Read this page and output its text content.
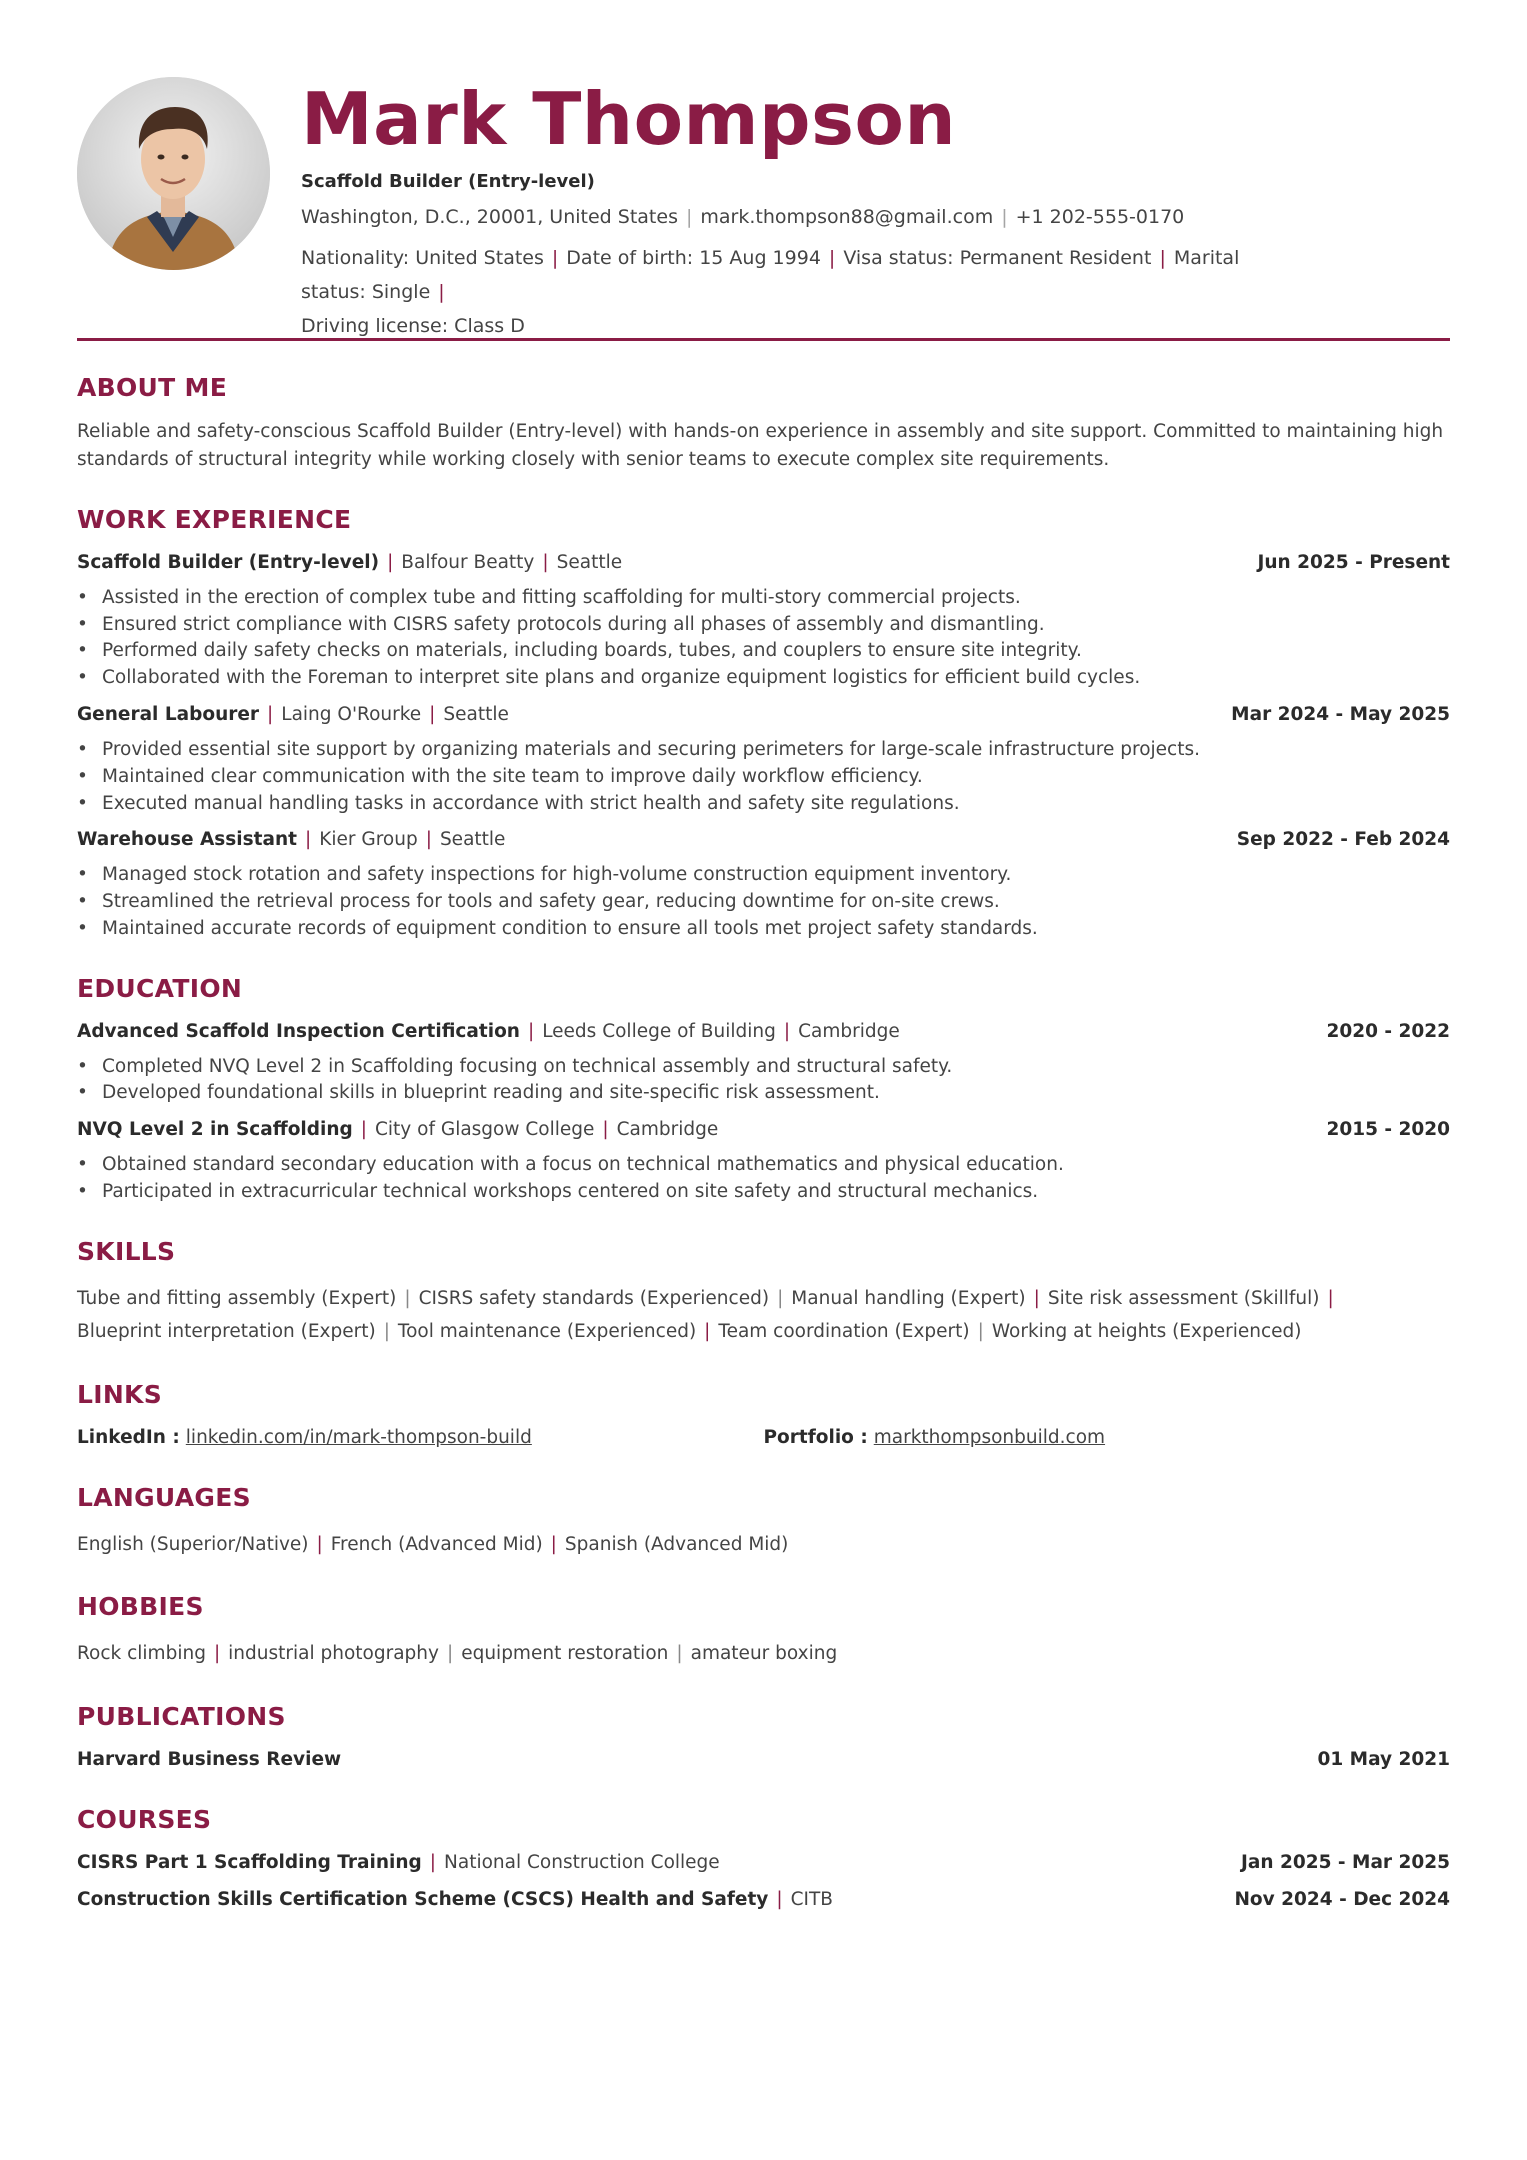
Mark Thompson
Scaffold Builder (Entry-level)
Washington, D.C., 20001, United States | mark.thompson88@gmail.com | +1 202-555-0170
Nationality: United States | Date of birth: 15 Aug 1994 | Visa status: Permanent Resident | Marital status: Single |
Driving license: Class D
ABOUT ME
Reliable and safety-conscious Scaffold Builder (Entry-level) with hands-on experience in assembly and site support. Committed to maintaining high standards of structural integrity while working closely with senior teams to execute complex site requirements.
WORK EXPERIENCE
Scaffold Builder (Entry-level) | Balfour Beatty | Seattle	Jun 2025 - Present
• Assisted in the erection of complex tube and fitting scaffolding for multi-story commercial projects.
• Ensured strict compliance with CISRS safety protocols during all phases of assembly and dismantling.
• Performed daily safety checks on materials, including boards, tubes, and couplers to ensure site integrity.
• Collaborated with the Foreman to interpret site plans and organize equipment logistics for efficient build cycles.
General Labourer | Laing O'Rourke | Seattle	Mar 2024 - May 2025
• Provided essential site support by organizing materials and securing perimeters for large-scale infrastructure projects.
• Maintained clear communication with the site team to improve daily workflow efficiency.
• Executed manual handling tasks in accordance with strict health and safety site regulations.
Warehouse Assistant | Kier Group | Seattle	Sep 2022 - Feb 2024
• Managed stock rotation and safety inspections for high-volume construction equipment inventory.
• Streamlined the retrieval process for tools and safety gear, reducing downtime for on-site crews.
• Maintained accurate records of equipment condition to ensure all tools met project safety standards.
EDUCATION
Advanced Scaffold Inspection Certification | Leeds College of Building | Cambridge	2020 - 2022
• Completed NVQ Level 2 in Scaffolding focusing on technical assembly and structural safety.
• Developed foundational skills in blueprint reading and site-specific risk assessment.
NVQ Level 2 in Scaffolding | City of Glasgow College | Cambridge	2015 - 2020
• Obtained standard secondary education with a focus on technical mathematics and physical education.
• Participated in extracurricular technical workshops centered on site safety and structural mechanics.
SKILLS
Tube and fitting assembly (Expert) | CISRS safety standards (Experienced) | Manual handling (Expert) | Site risk assessment (Skillful) |
Blueprint interpretation (Expert) | Tool maintenance (Experienced) | Team coordination (Expert) | Working at heights (Experienced)
LINKS
LinkedIn : linkedin.com/in/mark-thompson-build	Portfolio : markthompsonbuild.com
LANGUAGES
English (Superior/Native) | French (Advanced Mid) | Spanish (Advanced Mid)
HOBBIES
Rock climbing | industrial photography | equipment restoration | amateur boxing
PUBLICATIONS
Harvard Business Review	01 May 2021
COURSES
CISRS Part 1 Scaffolding Training | National Construction College	Jan 2025 - Mar 2025
Construction Skills Certification Scheme (CSCS) Health and Safety | CITB	Nov 2024 - Dec 2024
